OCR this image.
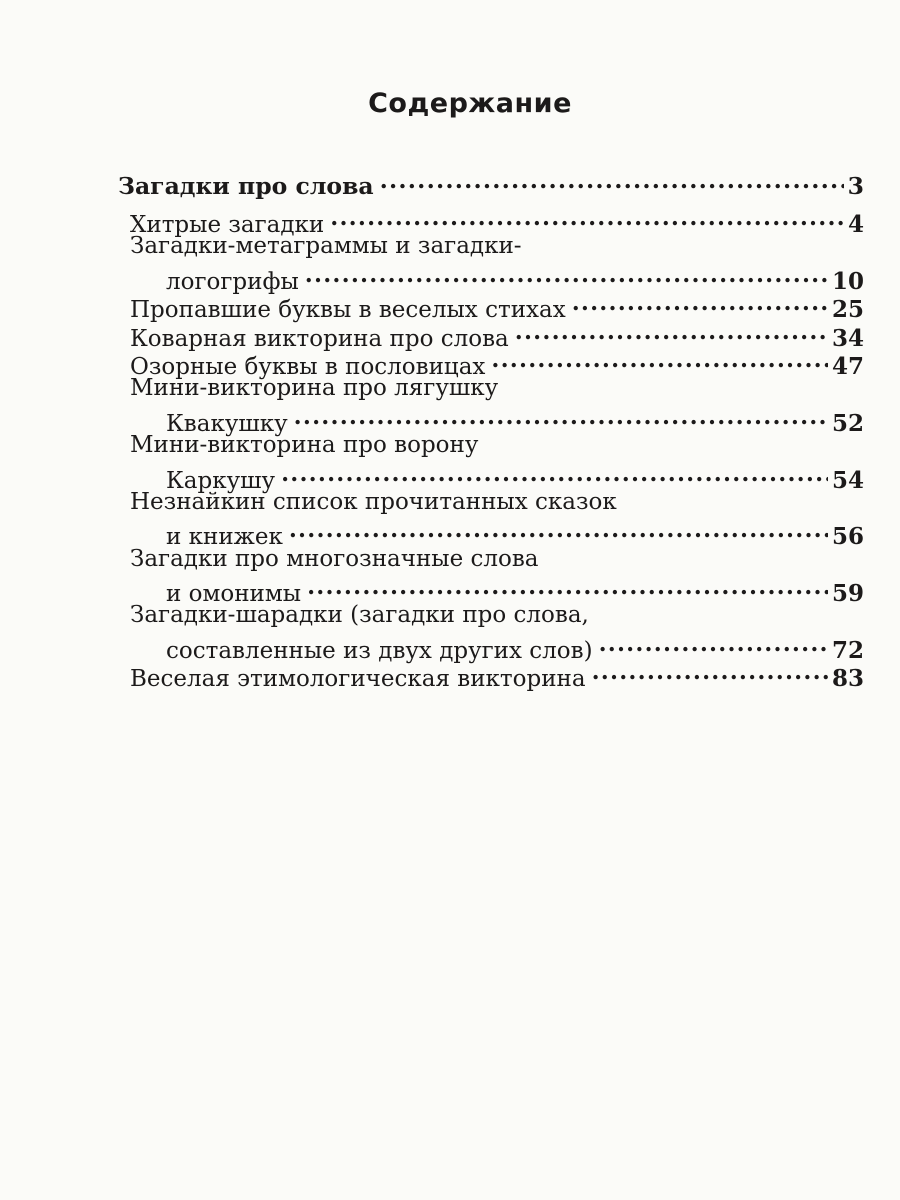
Содержание
Загадки про слова .....	3
Хитрые загадки .....	4
Загадки-метаграммы и загадки-
логогрифы .....	10
Пропавшие буквы в веселых стихах .....	25
Коварная викторина про слова .....	34
Озорные буквы в пословицах .....	47
Мини-викторина про лягушку
Квакушку .....	52
Мини-викторина про ворону
Каркушу .....	54
Незнайкин список прочитанных сказок
и книжек .....	56
Загадки про многозначные слова
и омонимы .....	59
Загадки-шарадки (загадки про слова,
составленные из двух других слов) .....	72
Веселая этимологическая викторина .....	83
